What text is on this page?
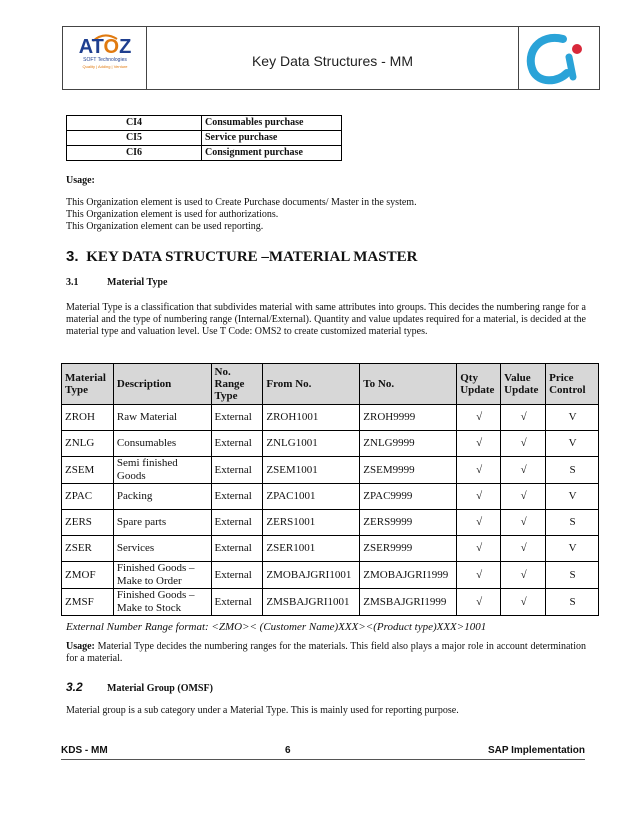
ATOZ
SOFT Technologies
Quality | Adding | Venture	Key Data Structures - MM
CI4	Consumables purchase
CI5	Service purchase
CI6	Consignment purchase
Usage:
This Organization element is used to Create Purchase documents/ Master in the system.
This Organization element is used for authorizations.
This Organization element can be used reporting.
3. KEY DATA STRUCTURE –MATERIAL MASTER
3.1	Material Type
Material Type is a classification that subdivides material with same attributes into groups. This decides the numbering range for a material and the type of numbering range (Internal/External). Quantity and value updates required for a material, is decided at the material type and valuation level. Use T Code: OMS2 to create customized material types.
Material Type	Description	No. Range Type	From No.	To No.	Qty Update	Value Update	Price Control
ZROH	Raw Material	External	ZROH1001	ZROH9999	√	√	V
ZNLG	Consumables	External	ZNLG1001	ZNLG9999	√	√	V
ZSEM	Semi finished Goods	External	ZSEM1001	ZSEM9999	√	√	S
ZPAC	Packing	External	ZPAC1001	ZPAC9999	√	√	V
ZERS	Spare parts	External	ZERS1001	ZERS9999	√	√	S
ZSER	Services	External	ZSER1001	ZSER9999	√	√	V
ZMOF	Finished Goods – Make to Order	External	ZMOBAJGRI1001	ZMOBAJGRI1999	√	√	S
ZMSF	Finished Goods – Make to Stock	External	ZMSBAJGRI1001	ZMSBAJGRI1999	√	√	S
External Number Range format: <ZMO>< (Customer Name)XXX><(Product type)XXX>1001
Usage: Material Type decides the numbering ranges for the materials. This field also plays a major role in account determination for a material.
3.2 Material Group (OMSF)
Material group is a sub category under a Material Type. This is mainly used for reporting purpose.
KDS - MM	6	SAP Implementation
